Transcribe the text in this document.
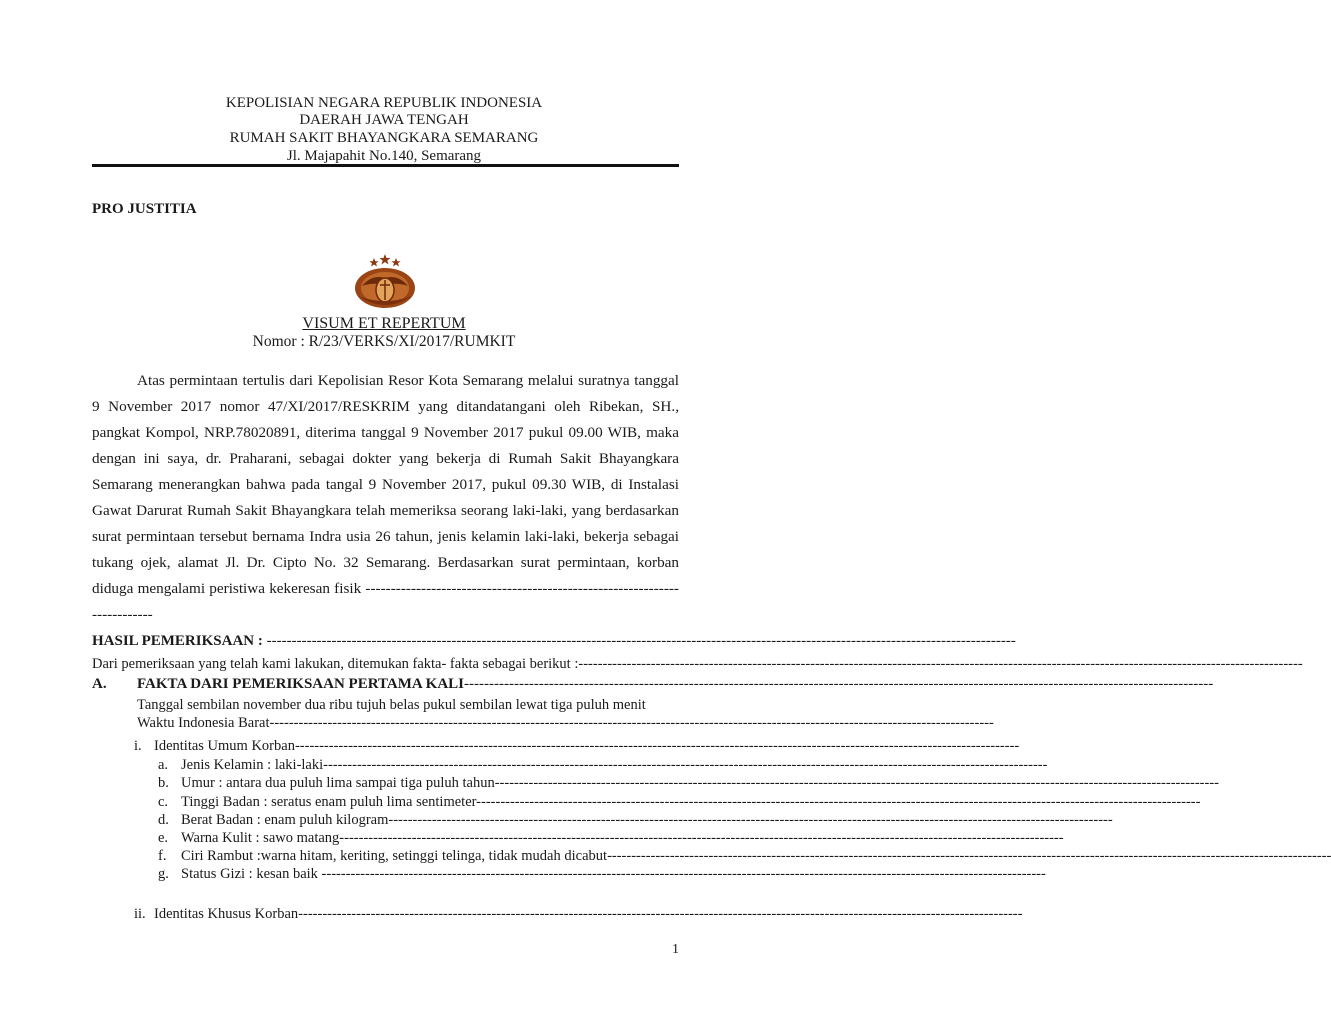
KEPOLISIAN NEGARA REPUBLIK INDONESIA
DAERAH JAWA TENGAH
RUMAH SAKIT BHAYANGKARA SEMARANG
Jl. Majapahit No.140, Semarang
PRO JUSTITIA
VISUM ET REPERTUM
Nomor : R/23/VERKS/XI/2017/RUMKIT
Atas permintaan tertulis dari Kepolisian Resor Kota Semarang melalui suratnya tanggal 9 November 2017 nomor 47/XI/2017/RESKRIM yang ditandatangani oleh Ribekan, SH., pangkat Kompol, NRP.78020891, diterima tanggal 9 November 2017 pukul 09.00 WIB, maka dengan ini saya, dr. Praharani, sebagai dokter yang bekerja di Rumah Sakit Bhayangkara Semarang menerangkan bahwa pada tangal 9 November 2017, pukul 09.30 WIB, di Instalasi Gawat Darurat Rumah Sakit Bhayangkara telah memeriksa seorang laki-laki, yang berdasarkan surat permintaan tersebut bernama Indra usia 26 tahun, jenis kelamin laki-laki, bekerja sebagai tukang ojek, alamat Jl. Dr. Cipto No. 32 Semarang. Berdasarkan surat permintaan, korban diduga mengalami peristiwa kekeresan fisik --------------------------------------------------------------------------
HASIL PEMERIKSAAN : -----
Dari pemeriksaan yang telah kami lakukan, ditemukan fakta- fakta sebagai berikut : -----
A. FAKTA DARI PEMERIKSAAN PERTAMA KALI -----
Tanggal sembilan november dua ribu tujuh belas pukul sembilan lewat tiga puluh menit
Waktu Indonesia Barat -----
i. Identitas Umum Korban -----
a. Jenis Kelamin : laki-laki -----
b. Umur : antara dua puluh lima sampai tiga puluh tahun -----
c. Tinggi Badan : seratus enam puluh lima sentimeter -----
d. Berat Badan : enam puluh kilogram -----
e. Warna Kulit : sawo matang -----
f. Ciri Rambut :warna hitam, keriting, setinggi telinga, tidak mudah dicabut -----
g. Status Gizi : kesan baik -----
ii. Identitas Khusus Korban -----
1
